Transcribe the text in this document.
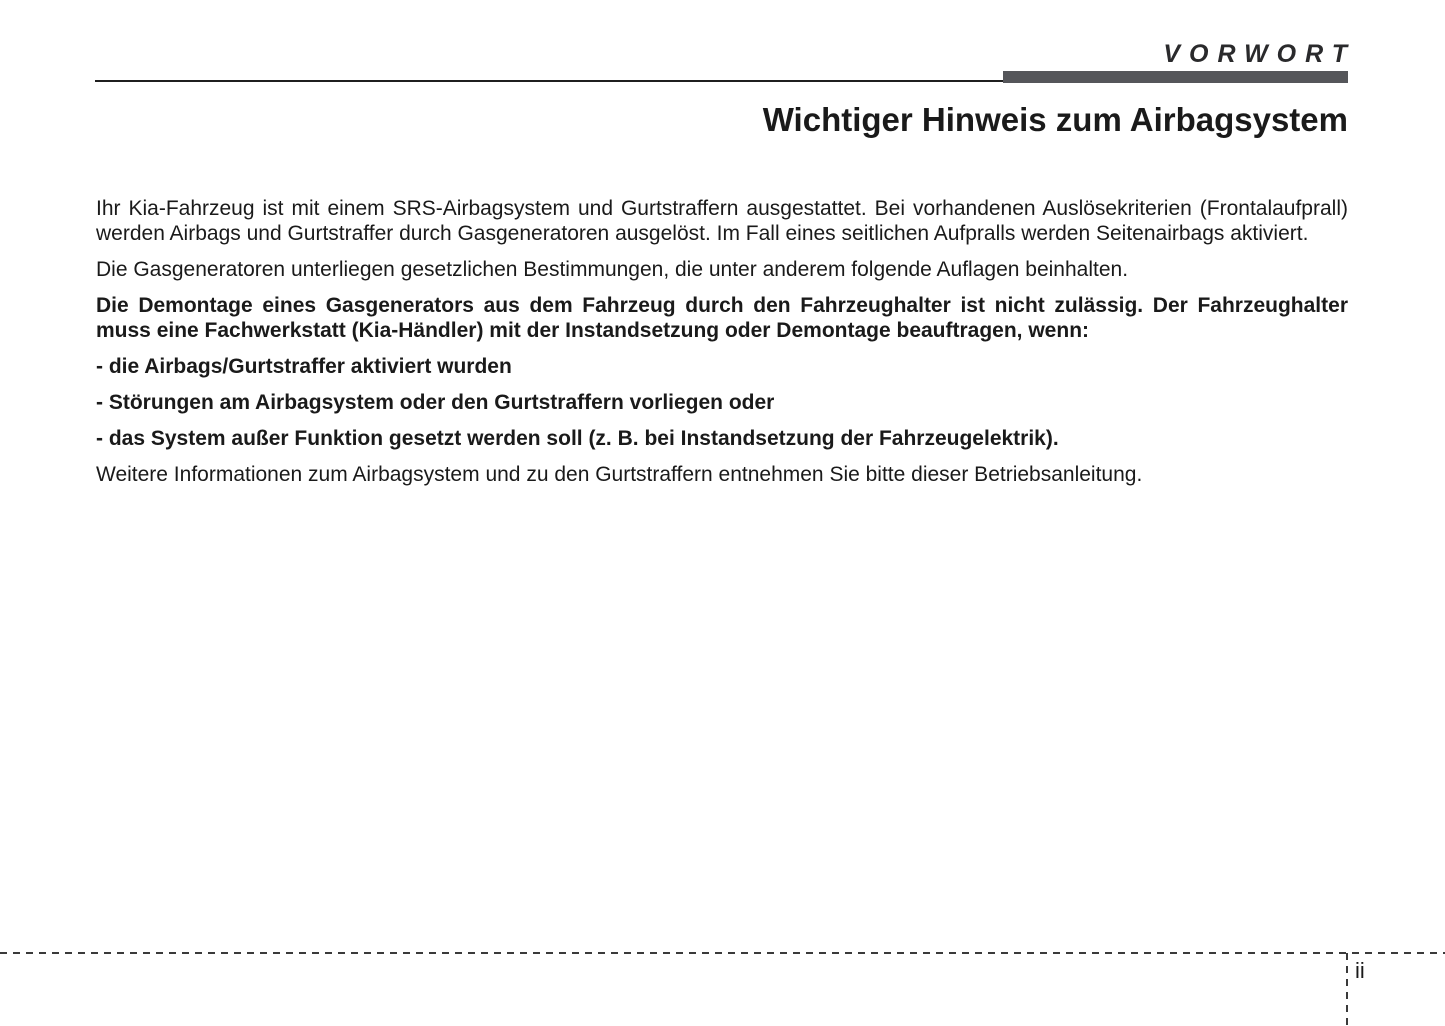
VORWORT
Wichtiger Hinweis zum Airbagsystem

Ihr Kia-Fahrzeug ist mit einem SRS-Airbagsystem und Gurtstraffern ausgestattet. Bei vorhandenen Auslösekriterien (Frontalaufprall) werden Airbags und Gurtstraffer durch Gasgeneratoren ausgelöst. Im Fall eines seitlichen Aufpralls werden Seitenairbags aktiviert.

Die Gasgeneratoren unterliegen gesetzlichen Bestimmungen, die unter anderem folgende Auflagen beinhalten.

Die Demontage eines Gasgenerators aus dem Fahrzeug durch den Fahrzeughalter ist nicht zulässig. Der Fahrzeughalter muss eine Fachwerkstatt (Kia-Händler) mit der Instandsetzung oder Demontage beauftragen, wenn:

- die Airbags/Gurtstraffer aktiviert wurden

- Störungen am Airbagsystem oder den Gurtstraffern vorliegen oder

- das System außer Funktion gesetzt werden soll (z. B. bei Instandsetzung der Fahrzeugelektrik).

Weitere Informationen zum Airbagsystem und zu den Gurtstraffern entnehmen Sie bitte dieser Betriebsanleitung.

ii
